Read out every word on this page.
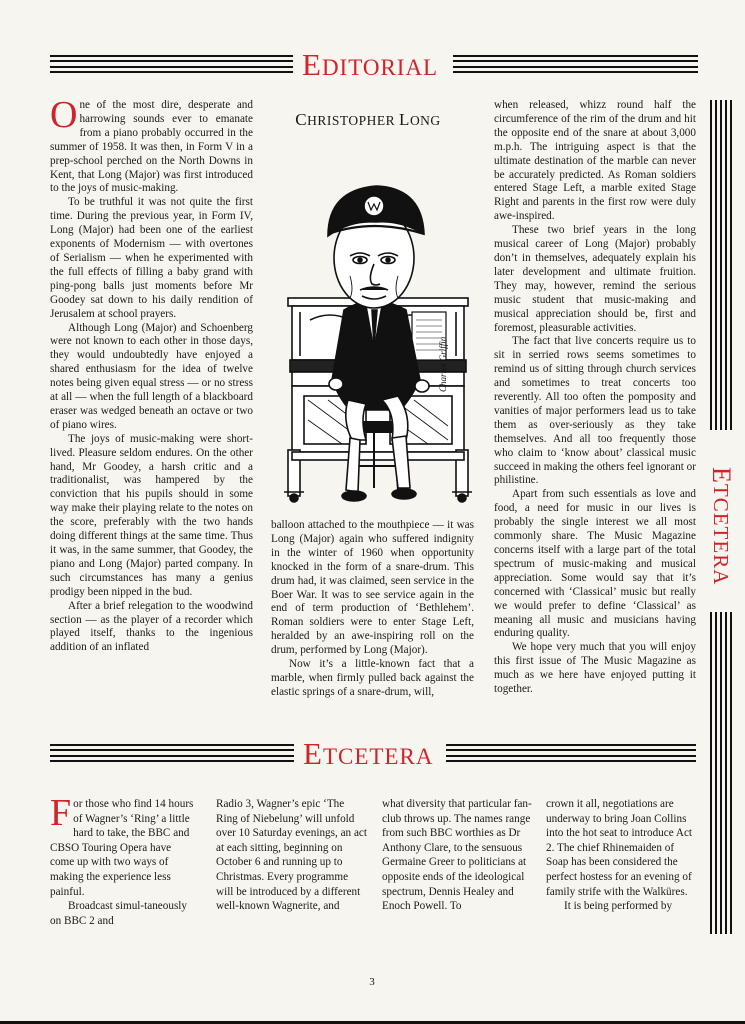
EDITORIAL

One of the most dire, desperate and harrowing sounds ever to emanate from a piano probably occurred in the summer of 1958. It was then, in Form V in a prep-school perched on the North Downs in Kent, that Long (Major) was first introduced to the joys of music-making.

To be truthful it was not quite the first time. During the previous year, in Form IV, Long (Major) had been one of the earliest exponents of Modernism — with overtones of Serialism — when he experimented with the full effects of filling a baby grand with ping-pong balls just moments before Mr Goodey sat down to his daily rendition of Jerusalem at school prayers.

Although Long (Major) and Schoenberg were not known to each other in those days, they would undoubtedly have enjoyed a shared enthusiasm for the idea of twelve notes being given equal stress — or no stress at all — when the full length of a blackboard eraser was wedged beneath an octave or two of piano wires.

The joys of music-making were short-lived. Pleasure seldom endures. On the other hand, Mr Goodey, a harsh critic and a traditionalist, was hampered by the conviction that his pupils should in some way make their playing relate to the notes on the score, preferably with the two hands doing different things at the same time. Thus it was, in the same summer, that Goodey, the piano and Long (Major) parted company. In such circumstances has many a genius prodigy been nipped in the bud.

After a brief relegation to the woodwind section — as the player of a recorder which played itself, thanks to the ingenious addition of an inflated

CHRISTOPHER LONG
Charles Griffin

balloon attached to the mouthpiece — it was Long (Major) again who suffered indignity in the winter of 1960 when opportunity knocked in the form of a snare-drum. This drum had, it was claimed, seen service in the Boer War. It was to see service again in the end of term production of ‘Bethlehem’. Roman soldiers were to enter Stage Left, heralded by an awe-inspiring roll on the drum, performed by Long (Major).

Now it’s a little-known fact that a marble, when firmly pulled back against the elastic springs of a snare-drum, will,

when released, whizz round half the circumference of the rim of the drum and hit the opposite end of the snare at about 3,000 m.p.h. The intriguing aspect is that the ultimate destination of the marble can never be accurately predicted. As Roman soldiers entered Stage Left, a marble exited Stage Right and parents in the first row were duly awe-inspired.

These two brief years in the long musical career of Long (Major) probably don’t in themselves, adequately explain his later development and ultimate fruition. They may, however, remind the serious music student that music-making and musical appreciation should be, first and foremost, pleasurable activities.

The fact that live concerts require us to sit in serried rows seems sometimes to remind us of sitting through church services and sometimes to treat concerts too reverently. All too often the pomposity and vanities of major performers lead us to take them as over-seriously as they take themselves. And all too frequently those who claim to ‘know about’ classical music succeed in making the others feel ignorant or philistine.

Apart from such essentials as love and food, a need for music in our lives is probably the single interest we all most commonly share. The Music Magazine concerns itself with a large part of the total spectrum of music-making and musical appreciation. Some would say that it’s concerned with ‘Classical’ music but really we would prefer to define ‘Classical’ as meaning all music and musicians having enduring quality.

We hope very much that you will enjoy this first issue of The Music Magazine as much as we here have enjoyed putting it together.

ETCETERA
ETCETERA

For those who find 14 hours of Wagner’s ‘Ring’ a little hard to take, the BBC and CBSO Touring Opera have come up with two ways of making the experience less painful.

Broadcast simul-taneously on BBC 2 and

Radio 3, Wagner’s epic ‘The Ring of Niebelung’ will unfold over 10 Saturday evenings, an act at each sitting, beginning on October 6 and running up to Christmas. Every programme will be introduced by a different well-known Wagnerite, and

what diversity that particular fan-club throws up. The names range from such BBC worthies as Dr Anthony Clare, to the sensuous Germaine Greer to politicians at opposite ends of the ideological spectrum, Dennis Healey and Enoch Powell. To

crown it all, negotiations are underway to bring Joan Collins into the hot seat to introduce Act 2. The chief Rhinemaiden of Soap has been considered the perfect hostess for an evening of family strife with the Walküres.

It is being performed by

3
